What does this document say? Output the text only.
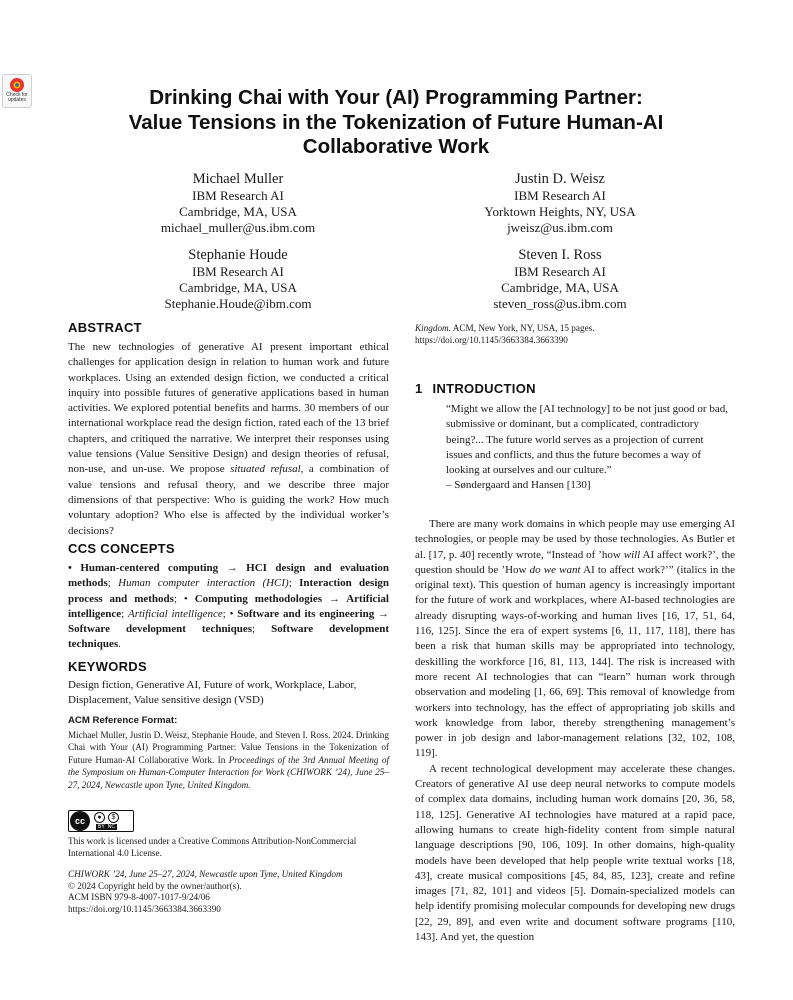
Check for
updates	Drinking Chai with Your (AI) Programming Partner:
Value Tensions in the Tokenization of Future Human-AI
Collaborative Work
Michael Muller
IBM Research AI
Cambridge, MA, USA
michael_muller@us.ibm.com
Justin D. Weisz
IBM Research AI
Yorktown Heights, NY, USA
jweisz@us.ibm.com
Stephanie Houde
IBM Research AI
Cambridge, MA, USA
Stephanie.Houde@ibm.com
Steven I. Ross
IBM Research AI
Cambridge, MA, USA
steven_ross@us.ibm.com
ABSTRACT

The new technologies of generative AI present important ethical challenges for application design in relation to human work and future workplaces. Using an extended design fiction, we conducted a critical inquiry into possible futures of generative applications based in human activities. We explored potential benefits and harms. 30 members of our international workplace read the design fiction, rated each of the 13 brief chapters, and critiqued the narrative. We interpret their responses using value tensions (Value Sensitive Design) and design theories of refusal, non-use, and un-use. We propose situated refusal, a combination of value tensions and refusal theory, and we describe three major dimensions of that perspective: Who is guiding the work? How much voluntary adoption? Who else is affected by the individual worker’s decisions?

CCS CONCEPTS

• Human-centered computing → HCI design and evaluation methods; Human computer interaction (HCI); Interaction design process and methods; • Computing methodologies → Artificial intelligence; Artificial intelligence; • Software and its engineering → Software development techniques; Software development techniques.

KEYWORDS
Design fiction, Generative AI, Future of work, Workplace, Labor, Displacement, Value sensitive design (VSD)
ACM Reference Format:

Michael Muller, Justin D. Weisz, Stephanie Houde, and Steven I. Ross. 2024. Drinking Chai with Your (AI) Programming Partner: Value Tensions in the Tokenization of Future Human-AI Collaborative Work. In Proceedings of the 3rd Annual Meeting of the Symposium on Human-Computer Interaction for Work (CHIWORK ’24), June 25–27, 2024, Newcastle upon Tyne, United Kingdom.

cc	●	$
BY NC
This work is licensed under a Creative Commons Attribution-NonCommercial International 4.0 License.
CHIWORK ’24, June 25–27, 2024, Newcastle upon Tyne, United Kingdom
© 2024 Copyright held by the owner/author(s).
ACM ISBN 979-8-4007-1017-9/24/06
https://doi.org/10.1145/3663384.3663390

Kingdom. ACM, New York, NY, USA, 15 pages. https://doi.org/10.1145/3663384.3663390

1 INTRODUCTION

“Might we allow the [AI technology] to be not just good or bad, submissive or dominant, but a complicated, contradictory being?... The future world serves as a projection of current issues and conflicts, and thus the future becomes a way of looking at ourselves and our culture.”

– Søndergaard and Hansen [130]

There are many work domains in which people may use emerging AI technologies, or people may be used by those technologies. As Butler et al. [17, p. 40] recently wrote, “Instead of ’how will AI affect work?’, the question should be ’How do we want AI to affect work?’” (italics in the original text). This question of human agency is increasingly important for the future of work and workplaces, where AI-based technologies are already disrupting ways-of-working and human lives [16, 17, 51, 64, 116, 125]. Since the era of expert systems [6, 11, 117, 118], there has been a risk that human skills may be appropriated into technology, deskilling the workforce [16, 81, 113, 144]. The risk is increased with more recent AI technologies that can “learn” human work through observation and modeling [1, 66, 69]. This removal of knowledge from workers into technology, has the effect of appropriating job skills and work knowledge from labor, thereby strengthening management’s power in job design and labor-management relations [32, 102, 108, 119].

A recent technological development may accelerate these changes. Creators of generative AI use deep neural networks to compute models of complex data domains, including human work domains [20, 36, 58, 118, 125]. Generative AI technologies have matured at a rapid pace, allowing humans to create high-fidelity content from simple natural language descriptions [90, 106, 109]. In other domains, high-quality models have been developed that help people write textual works [18, 43], create musical compositions [45, 84, 85, 123], create and refine images [71, 82, 101] and videos [5]. Domain-specialized models can help identify promising molecular compounds for developing new drugs [22, 29, 89], and even write and document software programs [110, 143]. And yet, the question
